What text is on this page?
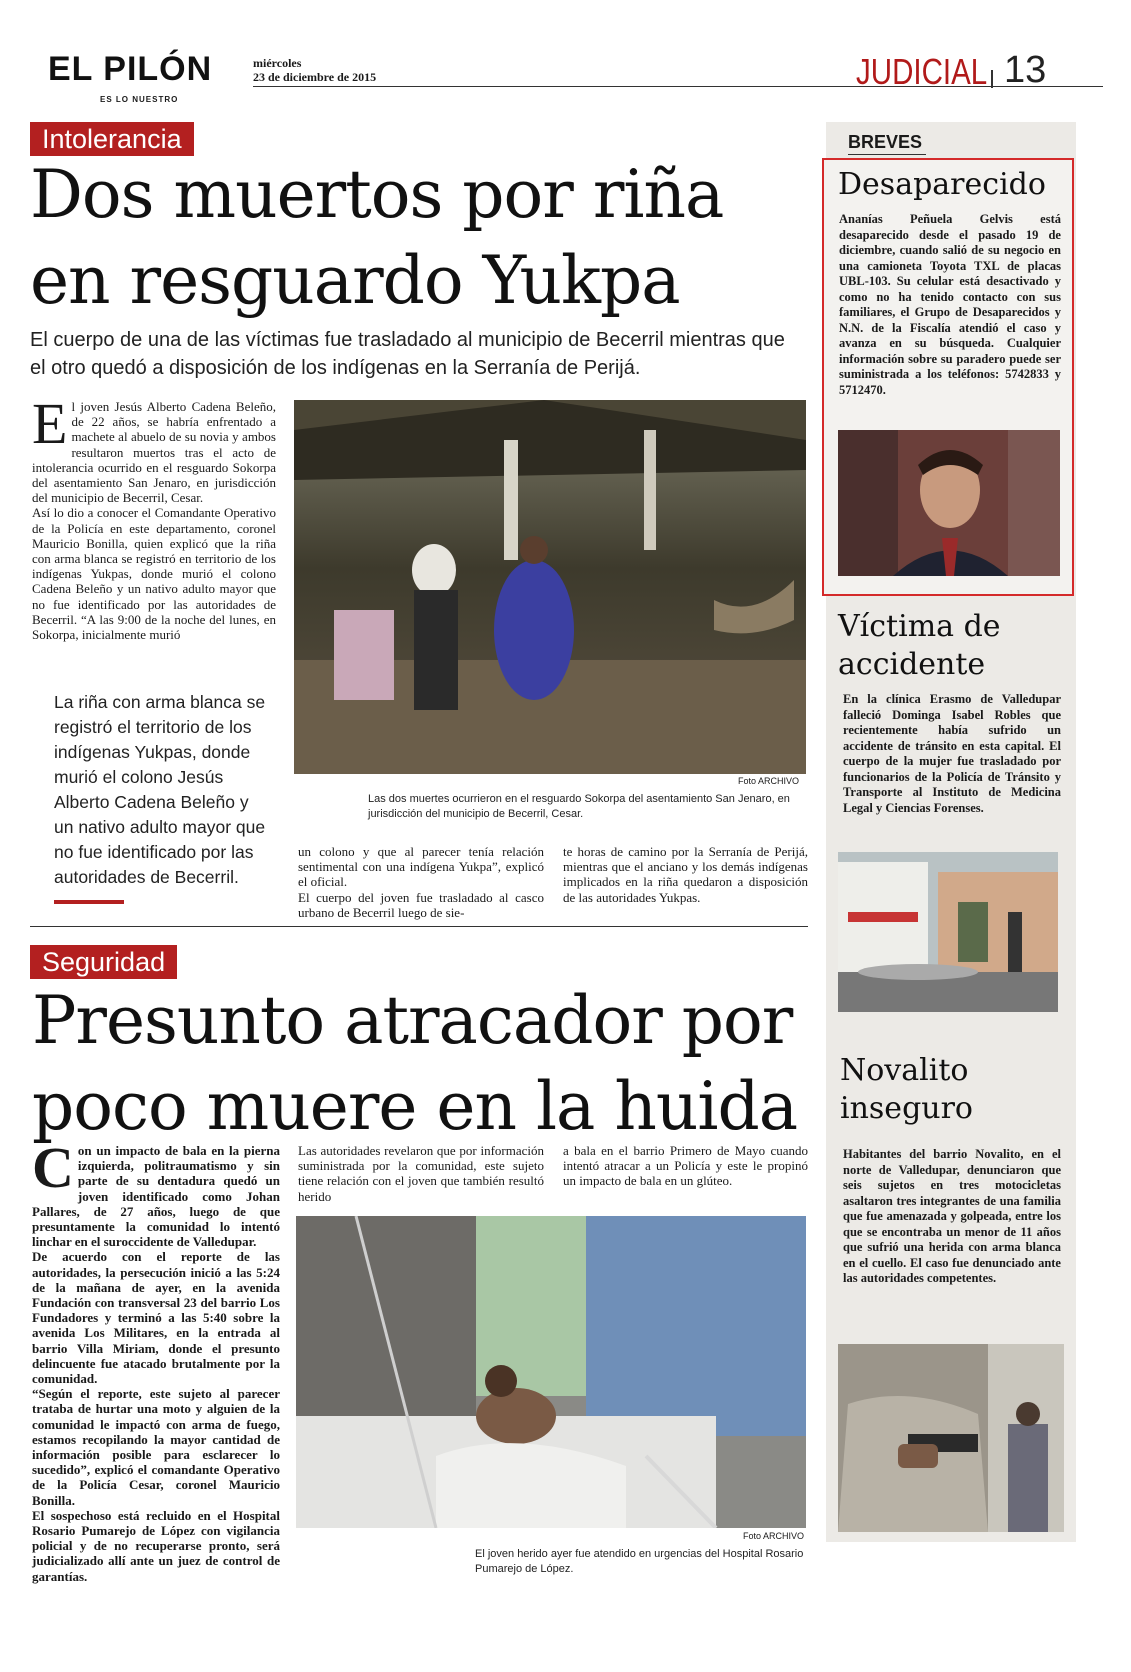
EL PILÓN
ES LO NUESTRO
miércoles
23 de diciembre de 2015	JUDICIAL 13
Intolerancia
Dos muertos por riña
en resguardo Yukpa
El cuerpo de una de las víctimas fue trasladado al municipio de Becerril mientras que el otro quedó a disposición de los indígenas en la Serranía de Perijá.
El joven Jesús Alberto Cadena Beleño, de 22 años, se habría enfrentado a machete al abuelo de su novia y ambos resultaron muertos tras el acto de intolerancia ocurrido en el resguardo Sokorpa del asentamiento San Jenaro, en jurisdicción del municipio de Becerril, Cesar.
Así lo dio a conocer el Comandante Operativo de la Policía en este departamento, coronel Mauricio Bonilla, quien explicó que la riña con arma blanca se registró en territorio de los indígenas Yukpas, donde murió el colono Cadena Beleño y un nativo adulto mayor que no fue identificado por las autoridades de Becerril. “A las 9:00 de la noche del lunes, en Sokorpa, inicialmente murió
La riña con arma blanca se registró el territorio de los indígenas Yukpas, donde murió el colono Jesús Alberto Cadena Beleño y un nativo adulto mayor que no fue identificado por las autoridades de Becerril.
Foto ARCHIVO
Las dos muertes ocurrieron en el resguardo Sokorpa del asentamiento San Jenaro, en jurisdicción del municipio de Becerril, Cesar.
un colono y que al parecer tenía relación sentimental con una indígena Yukpa”, explicó el oficial.
El cuerpo del joven fue trasladado al casco urbano de Becerril luego de sie-
te horas de camino por la Serranía de Perijá, mientras que el anciano y los demás indígenas implicados en la riña quedaron a disposición de las autoridades Yukpas.
Seguridad
Presunto atracador por
poco muere en la huida
Con un impacto de bala en la pierna izquierda, politraumatismo y sin parte de su dentadura quedó un joven identificado como Johan Pallares, de 27 años, luego de que presuntamente la comunidad lo intentó linchar en el suroccidente de Valledupar.
De acuerdo con el reporte de las autoridades, la persecución inició a las 5:24 de la mañana de ayer, en la avenida Fundación con transversal 23 del barrio Los Fundadores y terminó a las 5:40 sobre la avenida Los Militares, en la entrada al barrio Villa Miriam, donde el presunto delincuente fue atacado brutalmente por la comunidad.
“Según el reporte, este sujeto al parecer trataba de hurtar una moto y alguien de la comunidad le impactó con arma de fuego, estamos recopilando la mayor cantidad de información posible para esclarecer lo sucedido”, explicó el comandante Operativo de la Policía Cesar, coronel Mauricio Bonilla.
El sospechoso está recluido en el Hospital Rosario Pumarejo de López con vigilancia policial y de no recuperarse pronto, será judicializado allí ante un juez de control de garantías.
Las autoridades revelaron que por información suministrada por la comunidad, este sujeto tiene relación con el joven que también resultó herido
a bala en el barrio Primero de Mayo cuando intentó atracar a un Policía y este le propinó un impacto de bala en un glúteo.
Foto ARCHIVO
El joven herido ayer fue atendido en urgencias del Hospital Rosario Pumarejo de López.
BREVES
Desaparecido
Ananías Peñuela Gelvis está desaparecido desde el pasado 19 de diciembre, cuando salió de su negocio en una camioneta Toyota TXL de placas UBL-103. Su celular está desactivado y como no ha tenido contacto con sus familiares, el Grupo de Desaparecidos y N.N. de la Fiscalía atendió el caso y avanza en su búsqueda. Cualquier información sobre su paradero puede ser suministrada a los teléfonos: 5742833 y 5712470.
Víctima de
accidente
En la clínica Erasmo de Valledupar falleció Dominga Isabel Robles que recientemente había sufrido un accidente de tránsito en esta capital. El cuerpo de la mujer fue trasladado por funcionarios de la Policía de Tránsito y Transporte al Instituto de Medicina Legal y Ciencias Forenses.
Novalito
inseguro
Habitantes del barrio Novalito, en el norte de Valledupar, denunciaron que seis sujetos en tres motocicletas asaltaron tres integrantes de una familia que fue amenazada y golpeada, entre los que se encontraba un menor de 11 años que sufrió una herida con arma blanca en el cuello. El caso fue denunciado ante las autoridades competentes.
